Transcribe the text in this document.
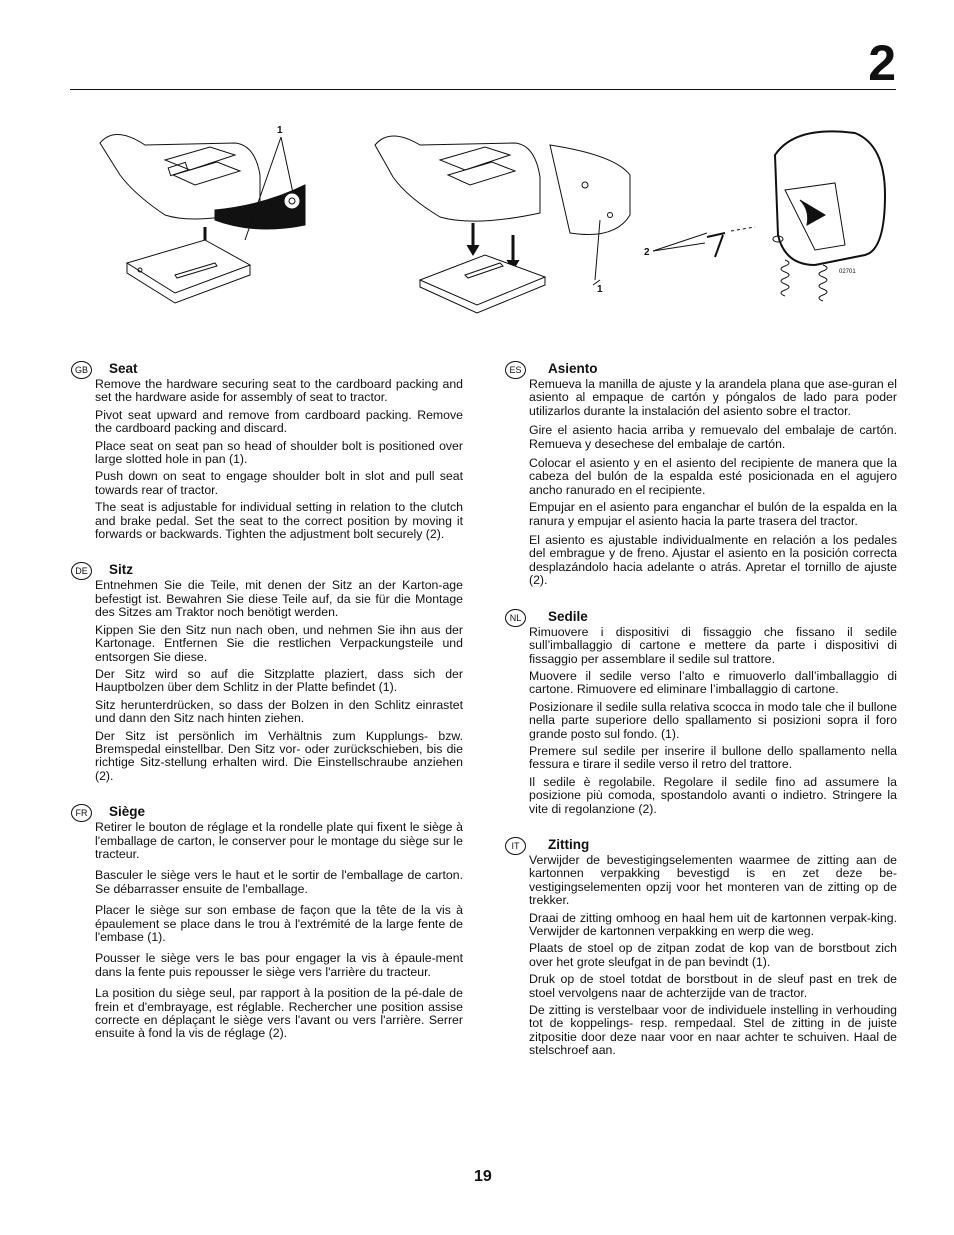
2
1
1
2
02701
GB Seat

Remove the hardware securing seat to the cardboard packing and set the hardware aside for assembly of seat to tractor.

Pivot seat upward and remove from cardboard packing. Remove the cardboard packing and discard.

Place seat on seat pan so head of shoulder bolt is positioned over large slotted hole in pan (1).

Push down on seat to engage shoulder bolt in slot and pull seat towards rear of tractor.

The seat is adjustable for individual setting in relation to the clutch and brake pedal. Set the seat to the correct position by moving it forwards or backwards. Tighten the adjustment bolt securely (2).

DE	Sitz

Entnehmen Sie die Teile, mit denen der Sitz an der Karton-age befestigt ist. Bewahren Sie diese Teile auf, da sie für die Montage des Sitzes am Traktor noch benötigt werden.

Kippen Sie den Sitz nun nach oben, und nehmen Sie ihn aus der Kartonage. Entfernen Sie die restlichen Verpackungsteile und entsorgen Sie diese.

Der Sitz wird so auf die Sitzplatte plaziert, dass sich der Hauptbolzen über dem Schlitz in der Platte befindet (1).

Sitz herunterdrücken, so dass der Bolzen in den Schlitz einrastet und dann den Sitz nach hinten ziehen.

Der Sitz ist persönlich im Verhältnis zum Kupplungs- bzw. Bremspedal einstellbar. Den Sitz vor- oder zurückschieben, bis die richtige Sitz-stellung erhalten wird. Die Einstellschraube anziehen (2).

FR	Siège

Retirer le bouton de réglage et la rondelle plate qui fixent le siège à l'emballage de carton, le conserver pour le montage du siège sur le tracteur.

Basculer le siège vers le haut et le sortir de l'emballage de carton. Se débarrasser ensuite de l'emballage.

Placer le siège sur son embase de façon que la tête de la vis à épaulement se place dans le trou à l'extrémité de la large fente de l'embase (1).

Pousser le siège vers le bas pour engager la vis à épaule-ment dans la fente puis repousser le siège vers l'arrière du tracteur.

La position du siège seul, par rapport à la position de la pé-dale de frein et d'embrayage, est réglable. Rechercher une position assise correcte en déplaçant le siège vers l'avant ou vers l'arrière. Serrer ensuite à fond la vis de réglage (2).

ES	Asiento

Remueva la manilla de ajuste y la arandela plana que ase-guran el asiento al empaque de cartón y póngalos de lado para poder utilizarlos durante la instalación del asiento sobre el tractor.

Gire el asiento hacia arriba y remuevalo del embalaje de cartón. Remueva y desechese del embalaje de cartón.

Colocar el asiento y en el asiento del recipiente de manera que la cabeza del bulón de la espalda esté posicionada en el agujero ancho ranurado en el recipiente.

Empujar en el asiento para enganchar el bulón de la espalda en la ranura y empujar el asiento hacia la parte trasera del tractor.

El asiento es ajustable individualmente en relación a los pedales del embrague y de freno. Ajustar el asiento en la posición correcta desplazándolo hacia adelante o atrás. Apretar el tornillo de ajuste (2).

NL	Sedile

Rimuovere i dispositivi di fissaggio che fissano il sedile sull’imballaggio di cartone e mettere da parte i dispositivi di fissaggio per assemblare il sedile sul trattore.

Muovere il sedile verso l’alto e rimuoverlo dall’imballaggio di cartone. Rimuovere ed eliminare l’imballaggio di cartone.

Posizionare il sedile sulla relativa scocca in modo tale che il bullone nella parte superiore dello spallamento si posizioni sopra il foro grande posto sul fondo. (1).

Premere sul sedile per inserire il bullone dello spallamento nella fessura e tirare il sedile verso il retro del trattore.

Il sedile è regolabile. Regolare il sedile fino ad assumere la posizione più comoda, spostandolo avanti o indietro. Stringere la vite di regolanzione (2).

IT	Zitting

Verwijder de bevestigingselementen waarmee de zitting aan de kartonnen verpakking bevestigd is en zet deze be-vestigingselementen opzij voor het monteren van de zitting op de trekker.

Draai de zitting omhoog en haal hem uit de kartonnen verpak-king. Verwijder de kartonnen verpakking en werp die weg.

Plaats de stoel op de zitpan zodat de kop van de borstbout zich over het grote sleufgat in de pan bevindt (1).

Druk op de stoel totdat de borstbout in de sleuf past en trek de stoel vervolgens naar de achterzijde van de tractor.

De zitting is verstelbaar voor de individuele instelling in verhouding tot de koppelings- resp. rempedaal. Stel de zitting in de juiste zitpositie door deze naar voor en naar achter te schuiven. Haal de stelschroef aan.

19
